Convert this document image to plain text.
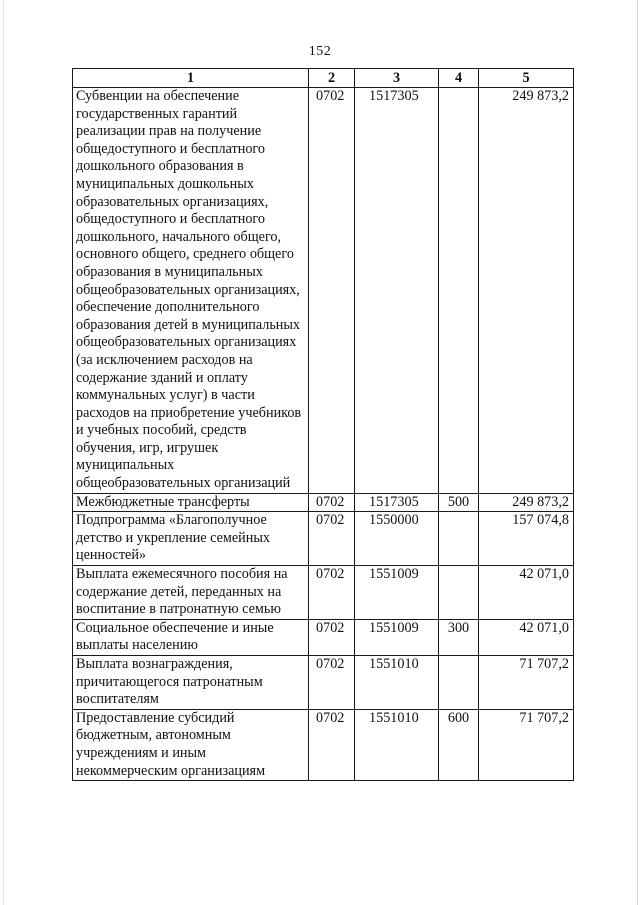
152
1	2	3	4	5
Субвенции на обеспечение государственных гарантий реализации прав на получение общедоступного и бесплатного дошкольного образования в муниципальных дошкольных образовательных организациях, общедоступного и бесплатного дошкольного, начального общего, основного общего, среднего общего образования в муниципальных общеобразовательных организациях, обеспечение дополнительного образования детей в муниципальных общеобразовательных организациях (за исключением расходов на содержание зданий и оплату коммунальных услуг) в части расходов на приобретение учебников и учебных пособий, средств обучения, игр, игрушек муниципальных общеобразовательных организаций	0702	1517305		249 873,2
Межбюджетные трансферты	0702	1517305	500	249 873,2
Подпрограмма «Благополучное детство и укрепление семейных ценностей»	0702	1550000		157 074,8
Выплата ежемесячного пособия на содержание детей, переданных на воспитание в патронатную семью	0702	1551009		42 071,0
Социальное обеспечение и иные выплаты населению	0702	1551009	300	42 071,0
Выплата вознаграждения, причитающегося патронатным воспитателям	0702	1551010		71 707,2
Предоставление субсидий бюджетным, автономным учреждениям и иным некоммерческим организациям	0702	1551010	600	71 707,2
